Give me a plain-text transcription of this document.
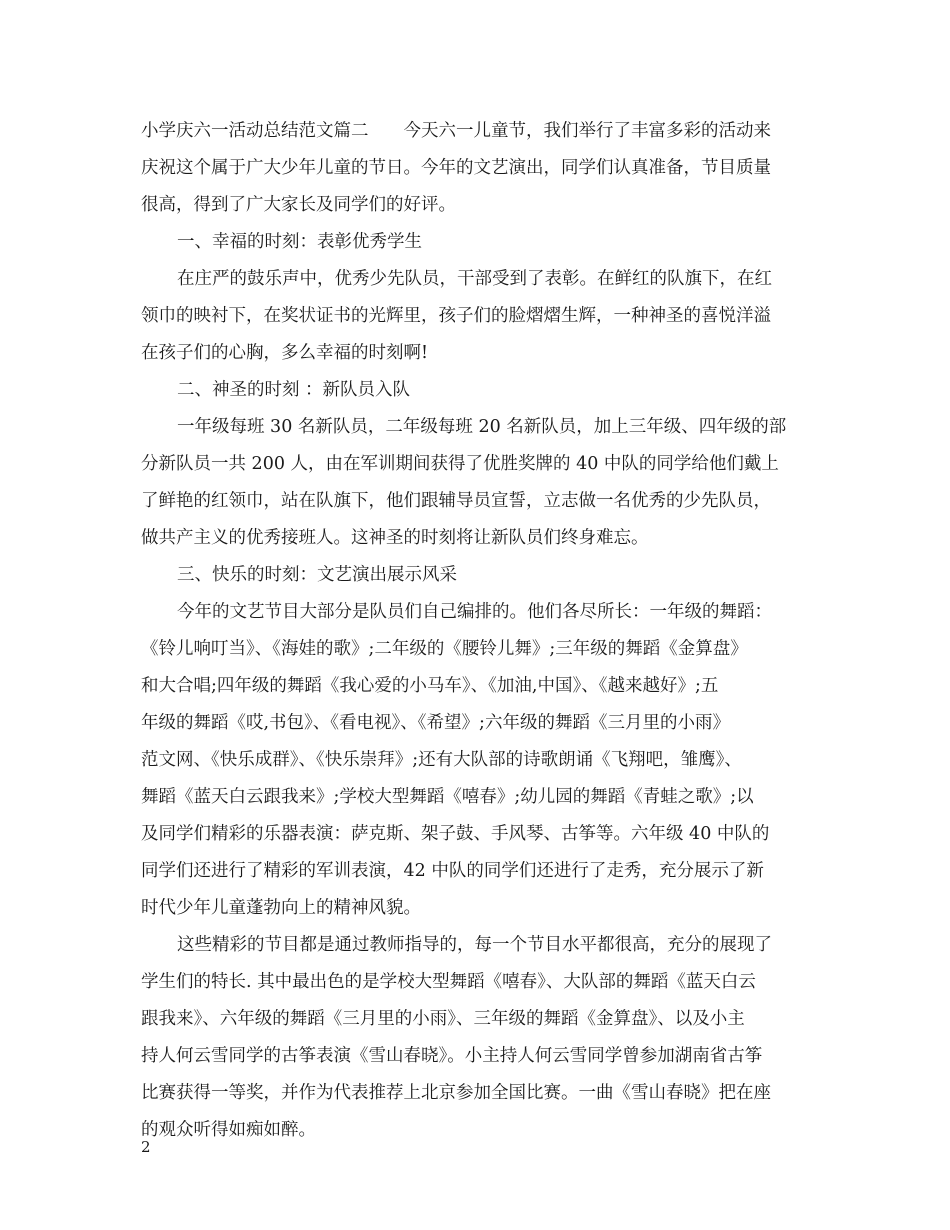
小学庆六一活动总结范文篇二　　今天六一儿童节，我们举行了丰富多彩的活动来
庆祝这个属于广大少年儿童的节日。今年的文艺演出，同学们认真准备，节目质量
很高，得到了广大家长及同学们的好评。
一、幸福的时刻：表彰优秀学生
在庄严的鼓乐声中，优秀少先队员，干部受到了表彰。在鲜红的队旗下，在红
领巾的映衬下，在奖状证书的光辉里，孩子们的脸熠熠生辉，一种神圣的喜悦洋溢
在孩子们的心胸，多么幸福的时刻啊!
二、神圣的时刻 ：新队员入队
一年级每班 30 名新队员，二年级每班 20 名新队员，加上三年级、四年级的部
分新队员一共 200 人，由在军训期间获得了优胜奖牌的 40 中队的同学给他们戴上
了鲜艳的红领巾，站在队旗下，他们跟辅导员宣誓，立志做一名优秀的少先队员，
做共产主义的优秀接班人。这神圣的时刻将让新队员们终身难忘。
三、快乐的时刻：文艺演出展示风采
今年的文艺节目大部分是队员们自己编排的。他们各尽所长：一年级的舞蹈：
《铃儿响叮当》、《海娃的歌》;二年级的《腰铃儿舞》;三年级的舞蹈《金算盘》
和大合唱;四年级的舞蹈《我心爱的小马车》、《加油,中国》、《越来越好》;五
年级的舞蹈《哎,书包》、《看电视》、《希望》;六年级的舞蹈《三月里的小雨》
范文网、《快乐成群》、《快乐崇拜》;还有大队部的诗歌朗诵《飞翔吧，雏鹰》、
舞蹈《蓝天白云跟我来》;学校大型舞蹈《嘻春》;幼儿园的舞蹈《青蛙之歌》;以
及同学们精彩的乐器表演：萨克斯、架子鼓、手风琴、古筝等。六年级 40 中队的
同学们还进行了精彩的军训表演，42 中队的同学们还进行了走秀，充分展示了新
时代少年儿童蓬勃向上的精神风貌。
这些精彩的节目都是通过教师指导的，每一个节目水平都很高，充分的展现了
学生们的特长. 其中最出色的是学校大型舞蹈《嘻春》、大队部的舞蹈《蓝天白云
跟我来》、六年级的舞蹈《三月里的小雨》、三年级的舞蹈《金算盘》、以及小主
持人何云雪同学的古筝表演《雪山春晓》。小主持人何云雪同学曾参加湖南省古筝
比赛获得一等奖，并作为代表推荐上北京参加全国比赛。一曲《雪山春晓》把在座
的观众听得如痴如醉。
2
